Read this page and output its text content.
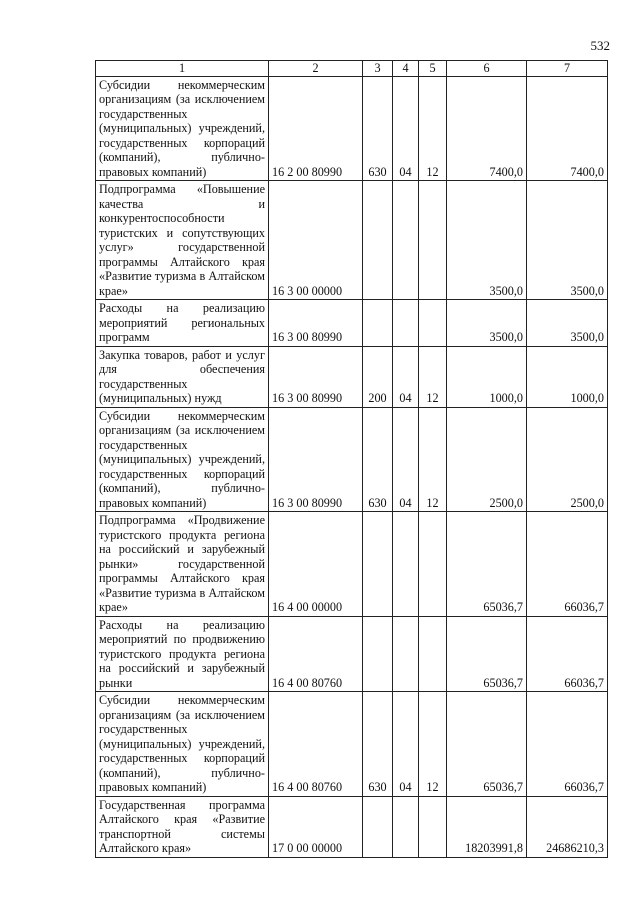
532
1	2	3	4	5	6	7
Субсидии некоммерческим организациям (за исключением государственных (муниципальных) учреждений, государственных корпораций (компаний), публично-правовых компаний)	16 2 00 80990	630	04	12	7400,0	7400,0
Подпрограмма «Повышение качества и конкурентоспособности туристских и сопутствующих услуг» государственной программы Алтайского края «Развитие туризма в Алтайском крае»	16 3 00 00000				3500,0	3500,0
Расходы на реализацию мероприятий региональных программ	16 3 00 80990				3500,0	3500,0
Закупка товаров, работ и услуг для обеспечения государственных (муниципальных) нужд	16 3 00 80990	200	04	12	1000,0	1000,0
Субсидии некоммерческим организациям (за исключением государственных (муниципальных) учреждений, государственных корпораций (компаний), публично-правовых компаний)	16 3 00 80990	630	04	12	2500,0	2500,0
Подпрограмма «Продвижение туристского продукта региона на российский и зарубежный рынки» государственной программы Алтайского края «Развитие туризма в Алтайском крае»	16 4 00 00000				65036,7	66036,7
Расходы на реализацию мероприятий по продвижению туристского продукта региона на российский и зарубежный рынки	16 4 00 80760				65036,7	66036,7
Субсидии некоммерческим организациям (за исключением государственных (муниципальных) учреждений, государственных корпораций (компаний), публично-правовых компаний)	16 4 00 80760	630	04	12	65036,7	66036,7
Государственная программа Алтайского края «Развитие транспортной системы Алтайского края»	17 0 00 00000				18203991,8	24686210,3
